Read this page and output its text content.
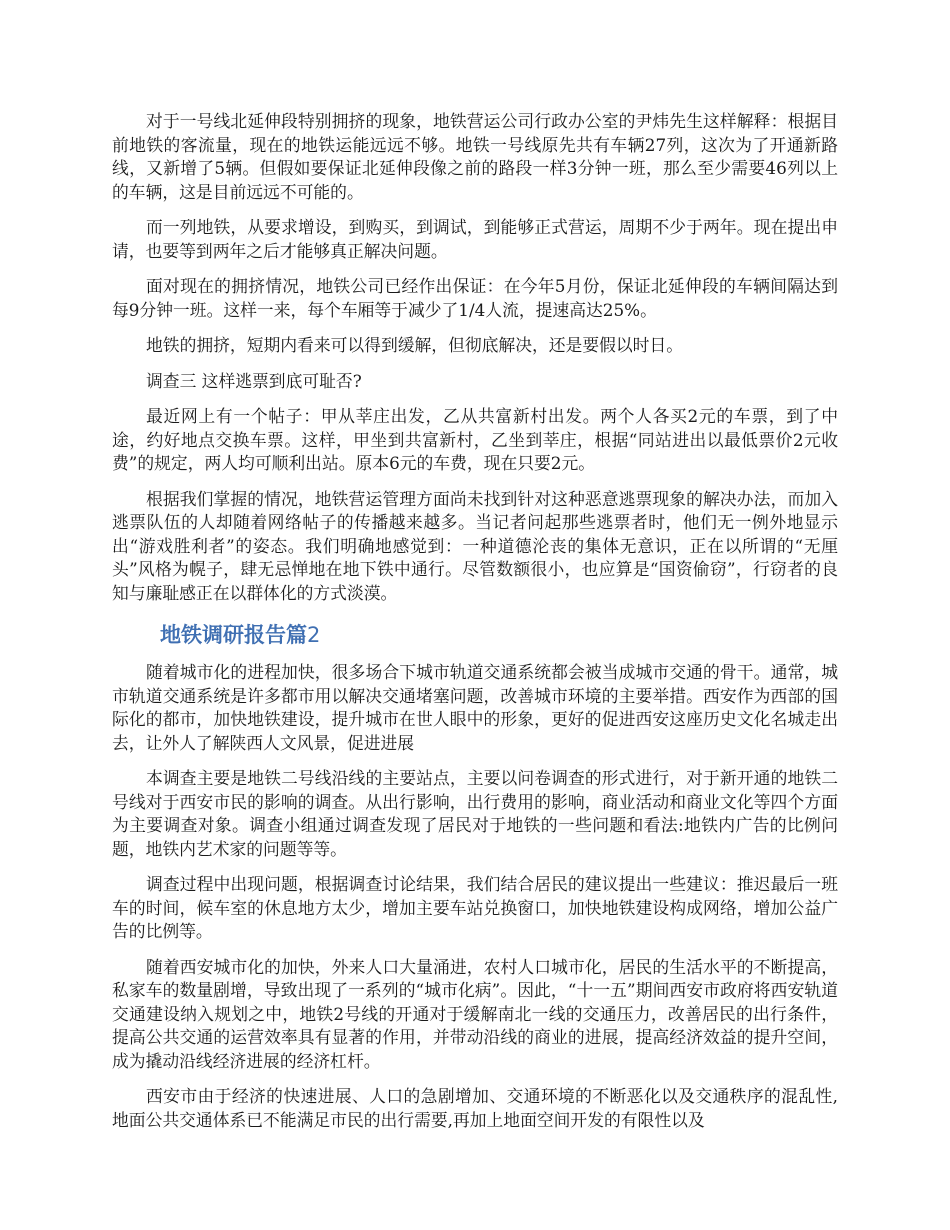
对于一号线北延伸段特别拥挤的现象，地铁营运公司行政办公室的尹炜先生这样解释：根据目前地铁的客流量，现在的地铁运能远远不够。地铁一号线原先共有车辆27列，这次为了开通新路线，又新增了5辆。但假如要保证北延伸段像之前的路段一样3分钟一班，那么至少需要46列以上的车辆，这是目前远远不可能的。

而一列地铁，从要求增设，到购买，到调试，到能够正式营运，周期不少于两年。现在提出申请，也要等到两年之后才能够真正解决问题。

面对现在的拥挤情况，地铁公司已经作出保证：在今年5月份，保证北延伸段的车辆间隔达到每9分钟一班。这样一来，每个车厢等于减少了1/4人流，提速高达25%。

地铁的拥挤，短期内看来可以得到缓解，但彻底解决，还是要假以时日。

调查三 这样逃票到底可耻否?

最近网上有一个帖子：甲从莘庄出发，乙从共富新村出发。两个人各买2元的车票，到了中途，约好地点交换车票。这样，甲坐到共富新村，乙坐到莘庄，根据“同站进出以最低票价2元收费”的规定，两人均可顺利出站。原本6元的车费，现在只要2元。

根据我们掌握的情况，地铁营运管理方面尚未找到针对这种恶意逃票现象的解决办法，而加入逃票队伍的人却随着网络帖子的传播越来越多。当记者问起那些逃票者时，他们无一例外地显示出“游戏胜利者”的姿态。我们明确地感觉到：一种道德沦丧的集体无意识，正在以所谓的“无厘头”风格为幌子，肆无忌惮地在地下铁中通行。尽管数额很小，也应算是“国资偷窃”，行窃者的良知与廉耻感正在以群体化的方式淡漠。

地铁调研报告篇2

随着城市化的进程加快，很多场合下城市轨道交通系统都会被当成城市交通的骨干。通常，城市轨道交通系统是许多都市用以解决交通堵塞问题，改善城市环境的主要举措。西安作为西部的国际化的都市，加快地铁建设，提升城市在世人眼中的形象，更好的促进西安这座历史文化名城走出去，让外人了解陕西人文风景，促进进展

本调查主要是地铁二号线沿线的主要站点，主要以问卷调查的形式进行，对于新开通的地铁二号线对于西安市民的影响的调查。从出行影响，出行费用的影响，商业活动和商业文化等四个方面为主要调查对象。调查小组通过调查发现了居民对于地铁的一些问题和看法:地铁内广告的比例问题，地铁内艺术家的问题等等。

调查过程中出现问题，根据调查讨论结果，我们结合居民的建议提出一些建议：推迟最后一班车的时间，候车室的休息地方太少，增加主要车站兑换窗口，加快地铁建设构成网络，增加公益广告的比例等。

随着西安城市化的加快，外来人口大量涌进，农村人口城市化，居民的生活水平的不断提高，私家车的数量剧增，导致出现了一系列的“城市化病”。因此，“十一五”期间西安市政府将西安轨道交通建设纳入规划之中，地铁2号线的开通对于缓解南北一线的交通压力，改善居民的出行条件，提高公共交通的运营效率具有显著的作用，并带动沿线的商业的进展，提高经济效益的提升空间，成为撬动沿线经济进展的经济杠杆。

西安市由于经济的快速进展、人口的急剧增加、交通环境的不断恶化以及交通秩序的混乱性,地面公共交通体系已不能满足市民的出行需要,再加上地面空间开发的有限性以及
